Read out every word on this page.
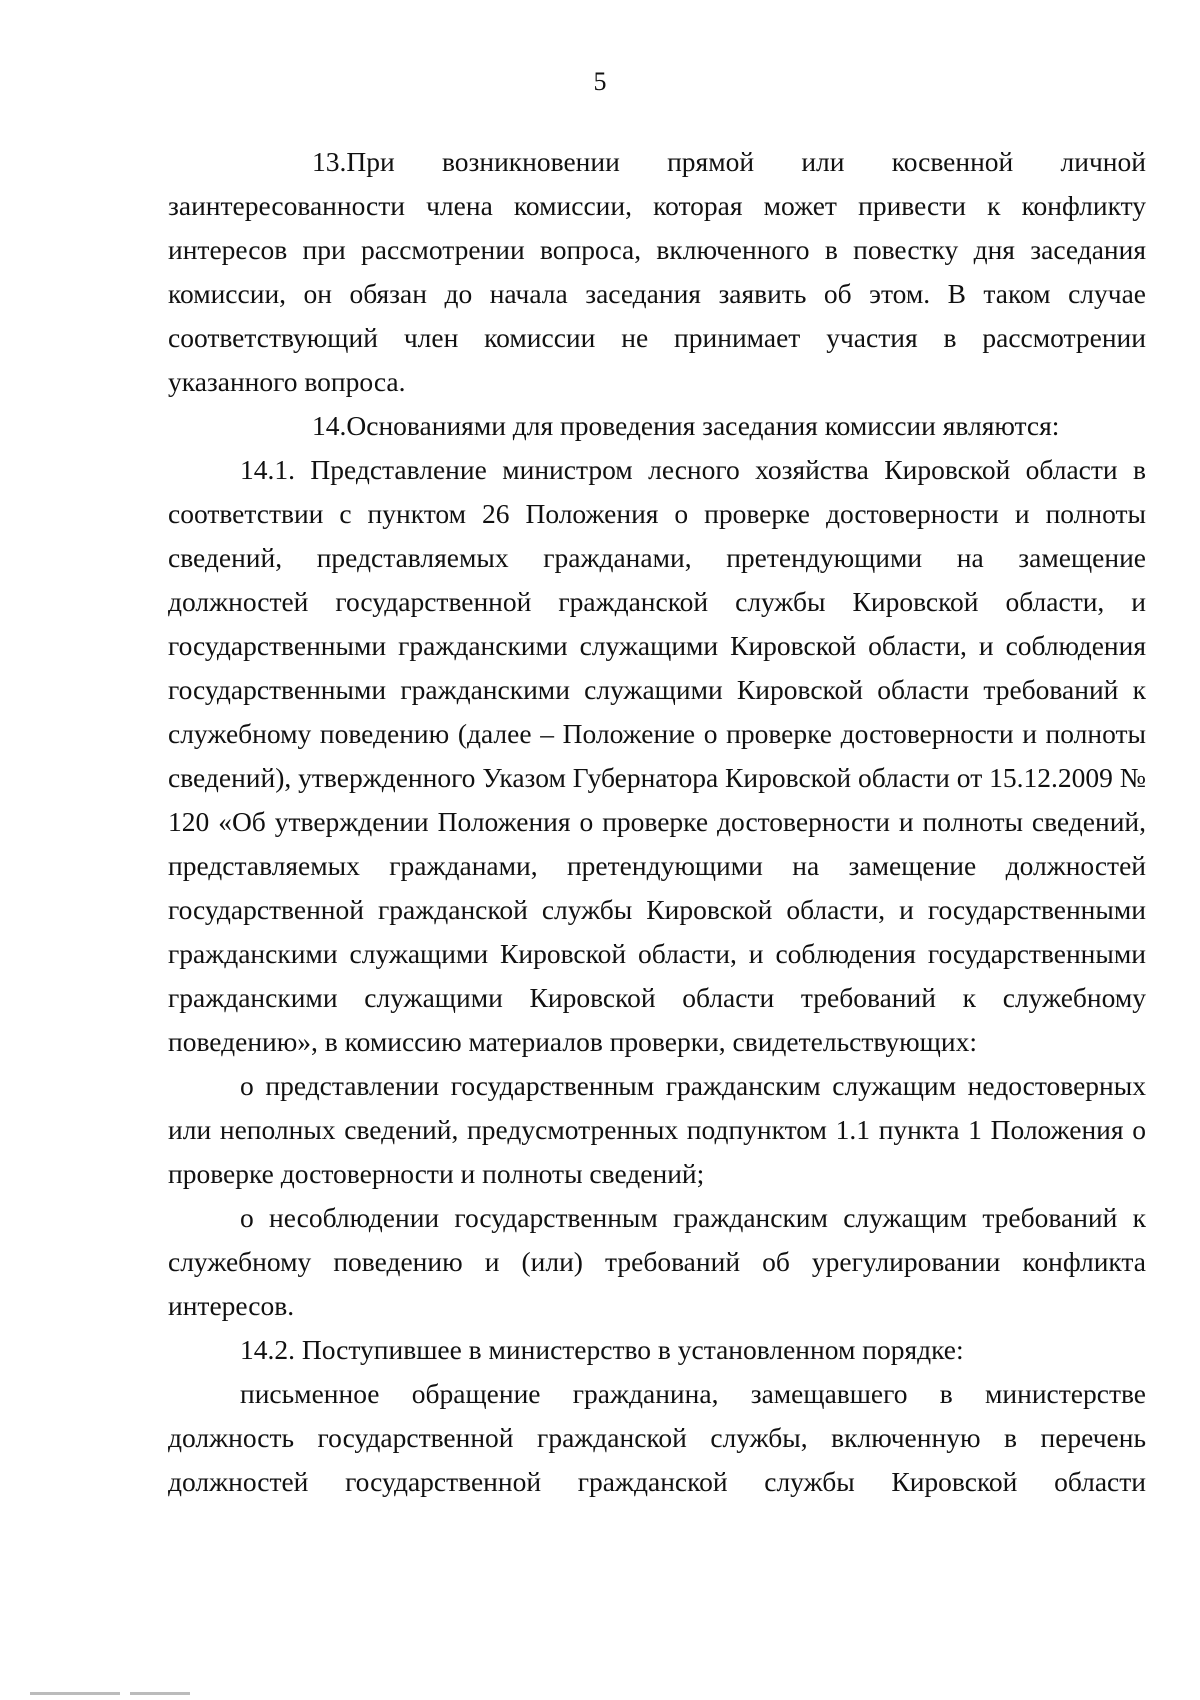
5

13.При возникновении прямой или косвенной личной заинтересованности члена комиссии, которая может привести к конфликту интересов при рассмотрении вопроса, включенного в повестку дня заседания комиссии, он обязан до начала заседания заявить об этом. В таком случае соответствующий член комиссии не принимает участия в рассмотрении указанного вопроса.

14.Основаниями для проведения заседания комиссии являются:

14.1. Представление министром лесного хозяйства Кировской области в соответствии с пунктом 26 Положения о проверке достоверности и полноты сведений, представляемых гражданами, претендующими на замещение должностей государственной гражданской службы Кировской области, и государственными гражданскими служащими Кировской области, и соблюдения государственными гражданскими служащими Кировской области требований к служебному поведению (далее – Положение о проверке достоверности и полноты сведений), утвержденного Указом Губернатора Кировской области от 15.12.2009 № 120 «Об утверждении Положения о проверке достоверности и полноты сведений, представляемых гражданами, претендующими на замещение должностей государственной гражданской службы Кировской области, и государственными гражданскими служащими Кировской области, и соблюдения государственными гражданскими служащими Кировской области требований к служебному поведению», в комиссию материалов проверки, свидетельствующих:

о представлении государственным гражданским служащим недостоверных или неполных сведений, предусмотренных подпунктом 1.1 пункта 1 Положения о проверке достоверности и полноты сведений;

о несоблюдении государственным гражданским служащим требований к служебному поведению и (или) требований об урегулировании конфликта интересов.

14.2. Поступившее в министерство в установленном порядке:

письменное обращение гражданина, замещавшего в министерстве должность государственной гражданской службы, включенную в перечень должностей государственной гражданской службы Кировской области
